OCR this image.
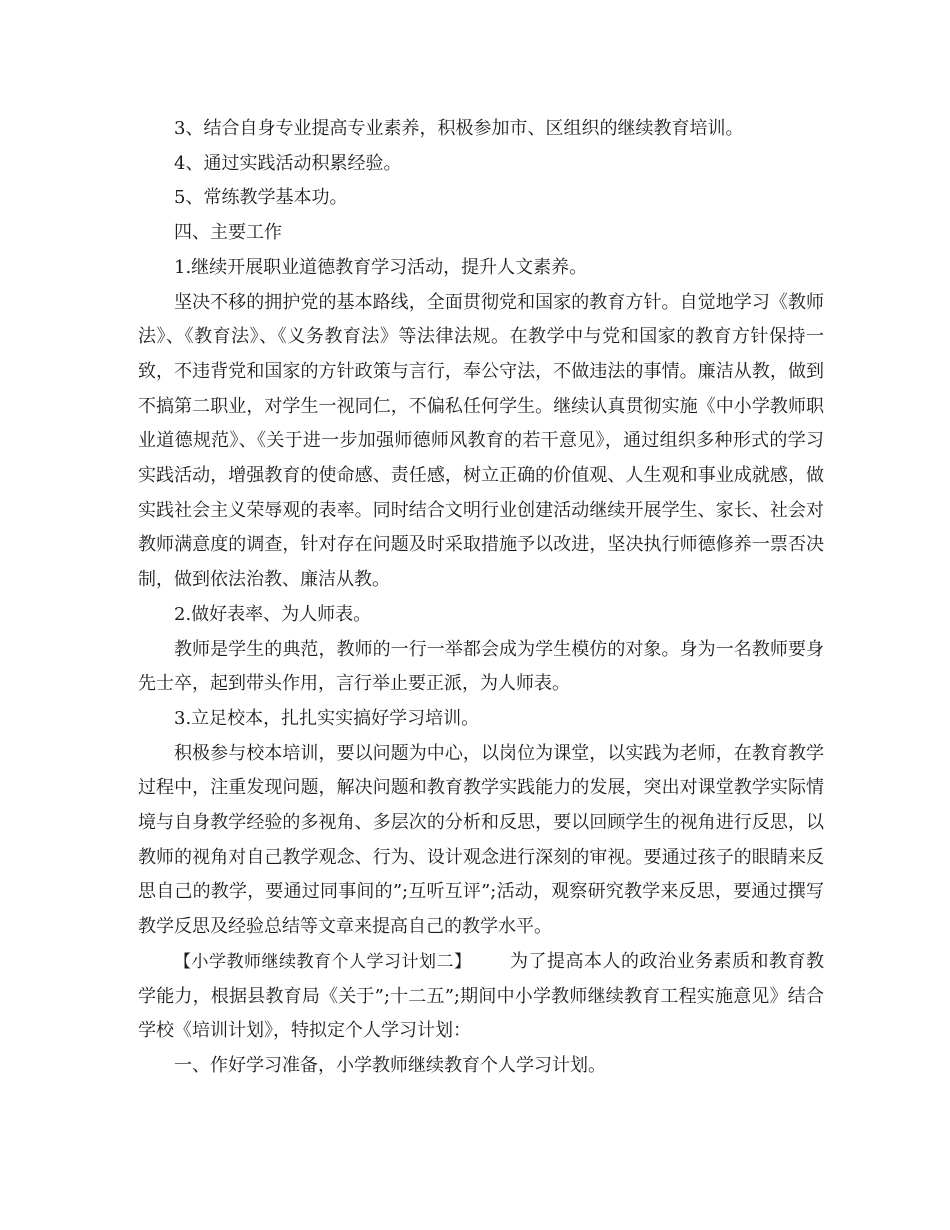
3、结合自身专业提高专业素养，积极参加市、区组织的继续教育培训。

4、通过实践活动积累经验。

5、常练教学基本功。

四、主要工作

1.继续开展职业道德教育学习活动，提升人文素养。

坚决不移的拥护党的基本路线，全面贯彻党和国家的教育方针。自觉地学习《教师法》、《教育法》、《义务教育法》等法律法规。在教学中与党和国家的教育方针保持一致，不违背党和国家的方针政策与言行，奉公守法，不做违法的事情。廉洁从教，做到不搞第二职业，对学生一视同仁，不偏私任何学生。继续认真贯彻实施《中小学教师职业道德规范》、《关于进一步加强师德师风教育的若干意见》，通过组织多种形式的学习实践活动，增强教育的使命感、责任感，树立正确的价值观、人生观和事业成就感，做实践社会主义荣辱观的表率。同时结合文明行业创建活动继续开展学生、家长、社会对教师满意度的调查，针对存在问题及时采取措施予以改进，坚决执行师德修养一票否决制，做到依法治教、廉洁从教。

2.做好表率、为人师表。

教师是学生的典范，教师的一行一举都会成为学生模仿的对象。身为一名教师要身先士卒，起到带头作用，言行举止要正派，为人师表。

3.立足校本，扎扎实实搞好学习培训。

积极参与校本培训，要以问题为中心，以岗位为课堂，以实践为老师，在教育教学过程中，注重发现问题，解决问题和教育教学实践能力的发展，突出对课堂教学实际情境与自身教学经验的多视角、多层次的分析和反思，要以回顾学生的视角进行反思，以教师的视角对自己教学观念、行为、设计观念进行深刻的审视。要通过孩子的眼睛来反思自己的教学，要通过同事间的”;互听互评”;活动，观察研究教学来反思，要通过撰写教学反思及经验总结等文章来提高自己的教学水平。

【小学教师继续教育个人学习计划二】 为了提高本人的政治业务素质和教育教学能力，根据县教育局《关于”;十二五”;期间中小学教师继续教育工程实施意见》结合学校《培训计划》，特拟定个人学习计划：

一、作好学习准备，小学教师继续教育个人学习计划。
